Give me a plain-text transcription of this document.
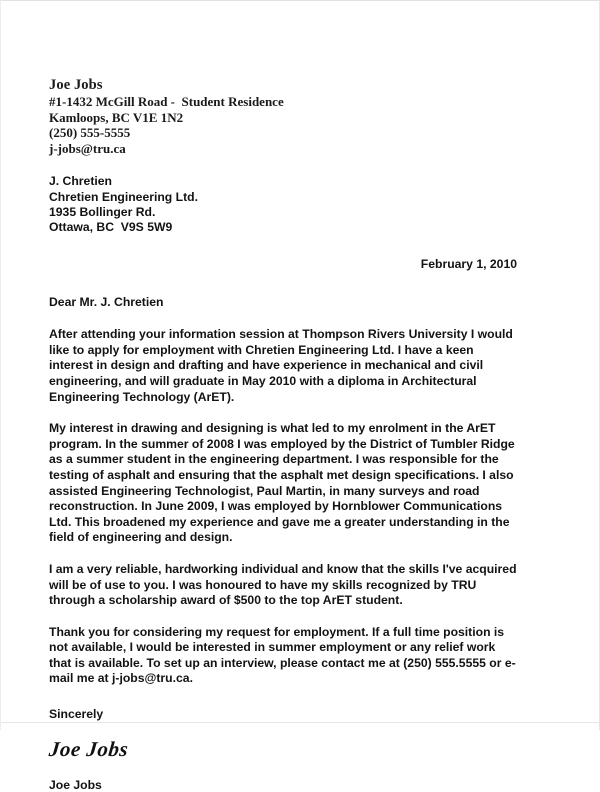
Joe Jobs
#1-1432 McGill Road -  Student Residence
Kamloops, BC V1E 1N2
(250) 555-5555
j-jobs@tru.ca
J. Chretien
Chretien Engineering Ltd.
1935 Bollinger Rd.
Ottawa, BC  V9S 5W9
February 1, 2010
Dear Mr. J. Chretien
After attending your information session at Thompson Rivers University I would like to apply for employment with Chretien Engineering Ltd. I have a keen interest in design and drafting and have experience in mechanical and civil engineering, and will graduate in May 2010 with a diploma in Architectural Engineering Technology (ArET).
My interest in drawing and designing is what led to my enrolment in the ArET program. In the summer of 2008 I was employed by the District of Tumbler Ridge as a summer student in the engineering department. I was responsible for the testing of asphalt and ensuring that the asphalt met design specifications. I also assisted Engineering Technologist, Paul Martin, in many surveys and road reconstruction. In June 2009, I was employed by Hornblower Communications Ltd. This broadened my experience and gave me a greater understanding in the field of engineering and design.
I am a very reliable, hardworking individual and know that the skills I've acquired will be of use to you. I was honoured to have my skills recognized by TRU through a scholarship award of $500 to the top ArET student.
Thank you for considering my request for employment. If a full time position is not available, I would be interested in summer employment or any relief work that is available. To set up an interview, please contact me at (250) 555.5555 or e-mail me at j-jobs@tru.ca.
Sincerely
Joe Jobs
Joe Jobs
